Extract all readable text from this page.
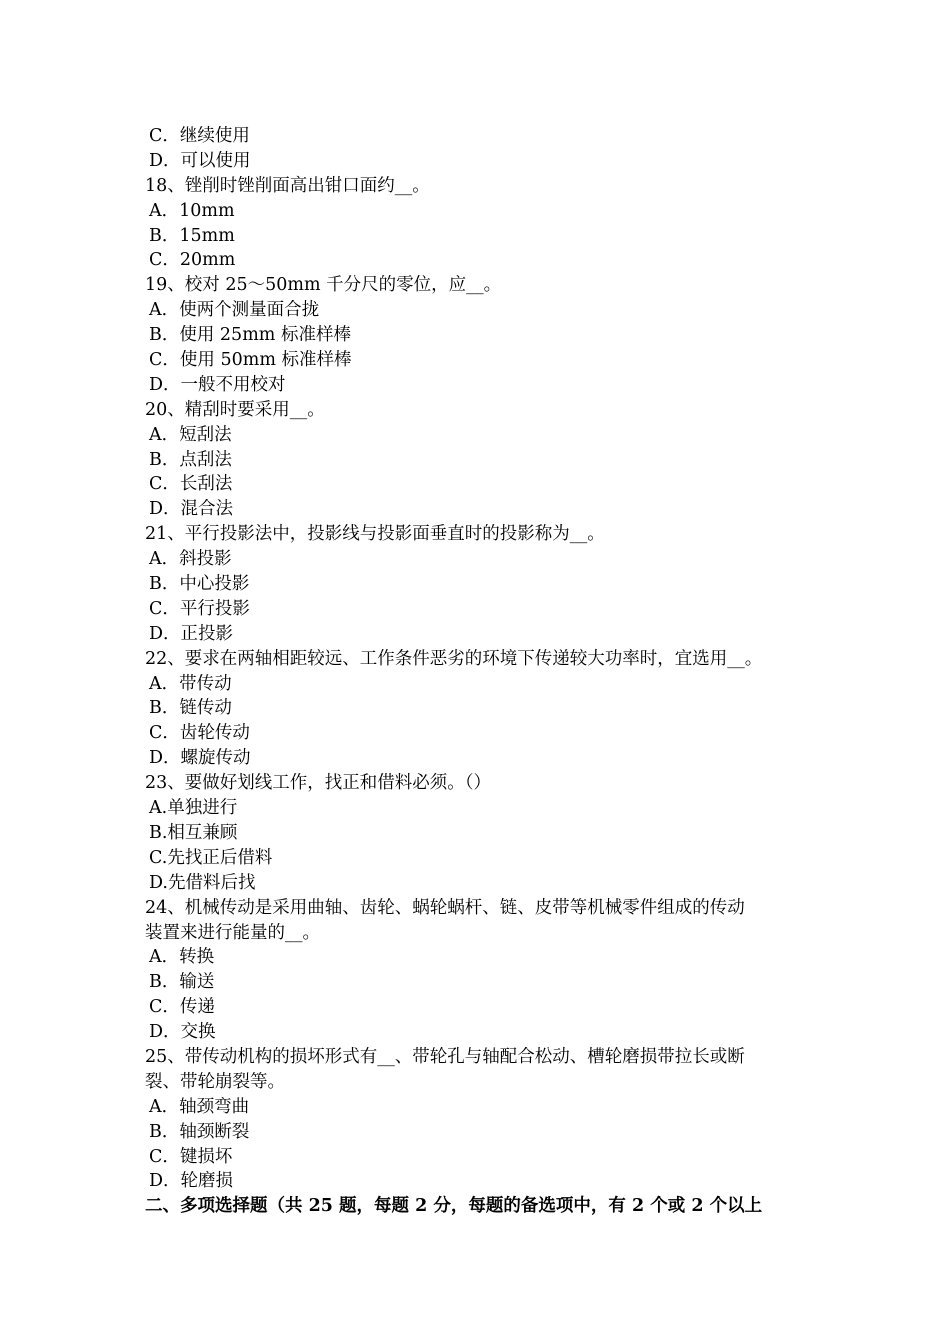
C．继续使用
D．可以使用
18、锉削时锉削面高出钳口面约__。
A．10mm
B．15mm
C．20mm
19、校对 25～50mm 千分尺的零位，应__。
A．使两个测量面合拢
B．使用 25mm 标准样棒
C．使用 50mm 标准样棒
D．一般不用校对
20、精刮时要采用__。
A．短刮法
B．点刮法
C．长刮法
D．混合法
21、平行投影法中，投影线与投影面垂直时的投影称为__。
A．斜投影
B．中心投影
C．平行投影
D．正投影
22、要求在两轴相距较远、工作条件恶劣的环境下传递较大功率时，宜选用__。
A．带传动
B．链传动
C．齿轮传动
D．螺旋传动
23、要做好划线工作，找正和借料必须。（）
A.单独进行
B.相互兼顾
C.先找正后借料
D.先借料后找
24、机械传动是采用曲轴、齿轮、蜗轮蜗杆、链、皮带等机械零件组成的传动
装置来进行能量的__。
A．转换
B．输送
C．传递
D．交换
25、带传动机构的损坏形式有__、带轮孔与轴配合松动、槽轮磨损带拉长或断
裂、带轮崩裂等。
A．轴颈弯曲
B．轴颈断裂
C．键损坏
D．轮磨损
二、多项选择题（共 25 题，每题 2 分，每题的备选项中，有 2 个或 2 个以上
